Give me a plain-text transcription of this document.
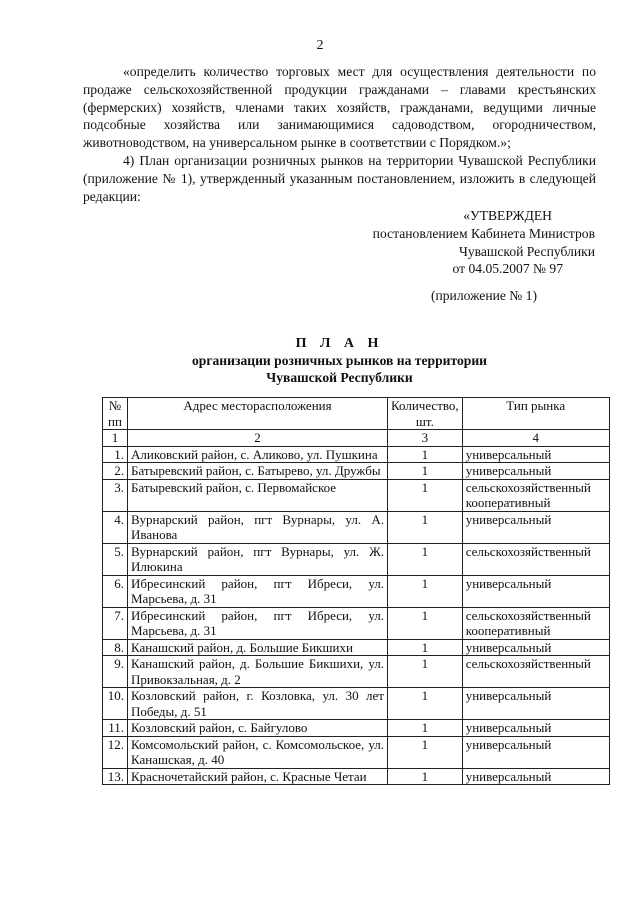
2

«определить количество торговых мест для осуществления деятельности по продаже сельскохозяйственной продукции гражданами – главами крестьянских (фермерских) хозяйств, членами таких хозяйств, гражданами, ведущими личные подсобные хозяйства или занимающимися садоводством, огородничеством, животноводством, на универсальном рынке в соответствии с Порядком.»;

4) План организации розничных рынков на территории Чувашской Республики (приложение № 1), утвержденный указанным постановлением, изложить в следующей редакции:

«УТВЕРЖДЕН
постановлением Кабинета Министров
Чувашской Республики
от 04.05.2007 № 97
(приложение № 1)
П Л А Н
организации розничных рынков на территории
Чувашской Республики
№ пп	Адрес месторасположения	Количество, шт.	Тип рынка
1	2	3	4
1.	Аликовский район, с. Аликово, ул. Пушкина	1	универсальный
2.	Батыревский район, с. Батырево, ул. Дружбы	1	универсальный
3.	Батыревский район, с. Первомайское	1	сельскохозяйственный кооперативный
4.	Вурнарский район, пгт Вурнары, ул. А. Иванова	1	универсальный
5.	Вурнарский район, пгт Вурнары, ул. Ж. Илюкина	1	сельскохозяйственный
6.	Ибресинский район, пгт Ибреси, ул. Марсьева, д. 31	1	универсальный
7.	Ибресинский район, пгт Ибреси, ул. Марсьева, д. 31	1	сельскохозяйственный кооперативный
8.	Канашский район, д. Большие Бикшихи	1	универсальный
9.	Канашский район, д. Большие Бикшихи, ул. Привокзальная, д. 2	1	сельскохозяйственный
10.	Козловский район, г. Козловка, ул. 30 лет Победы, д. 51	1	универсальный
11.	Козловский район, с. Байгулово	1	универсальный
12.	Комсомольский район, с. Комсомольское, ул. Канашская, д. 40	1	универсальный
13.	Красночетайский район, с. Красные Четаи	1	универсальный
